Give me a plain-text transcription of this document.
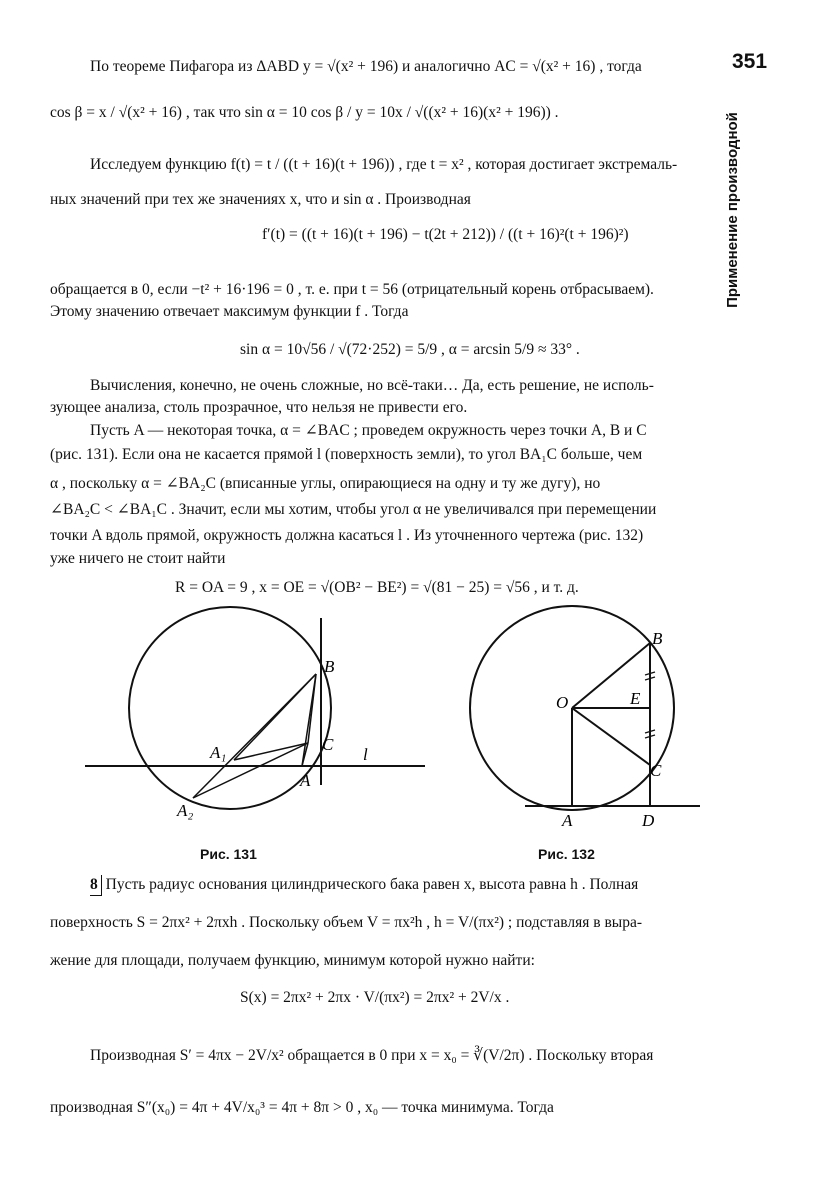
351
Применение производной
По теореме Пифагора из ΔABD y = √(x² + 196) и аналогично AC = √(x² + 16) , тогда
cos β = x / √(x² + 16) , так что sin α = 10 cos β / y = 10x / √((x² + 16)(x² + 196)) .
Исследуем функцию f(t) = t / ((t + 16)(t + 196)) , где t = x² , которая достигает экстремаль-
ных значений при тех же значениях x, что и sin α . Производная
f′(t) = ((t + 16)(t + 196) − t(2t + 212)) / ((t + 16)²(t + 196)²)
обращается в 0, если −t² + 16·196 = 0 , т. е. при t = 56 (отрицательный корень отбрасываем).
Этому значению отвечает максимум функции f . Тогда
sin α = 10√56 / √(72·252) = 5/9 , α = arcsin 5/9 ≈ 33° .
Вычисления, конечно, не очень сложные, но всё-таки… Да, есть решение, не исполь-
зующее анализа, столь прозрачное, что нельзя не привести его.
Пусть A — некоторая точка, α = ∠BAC ; проведем окружность через точки A, B и C
(рис. 131). Если она не касается прямой l (поверхность земли), то угол BA₁C больше, чем
α , поскольку α = ∠BA₂C (вписанные углы, опирающиеся на одну и ту же дугу), но
∠BA₂C < ∠BA₁C . Значит, если мы хотим, чтобы угол α не увеличивался при перемещении
точки A вдоль прямой, окружность должна касаться l . Из уточненного чертежа (рис. 132)
уже ничего не стоит найти
R = OA = 9 , x = OE = √(OB² − BE²) = √(81 − 25) = √56 , и т. д.
B
C
A
A₁
A₂
l
Рис. 131
B
O	E
C
A	D
Рис. 132
8 Пусть радиус основания цилиндрического бака равен x, высота равна h . Полная
поверхность S = 2πx² + 2πxh . Поскольку объем V = πx²h , h = V/(πx²) ; подставляя в выра-
жение для площади, получаем функцию, минимум которой нужно найти:
S(x) = 2πx² + 2πx · V/(πx²) = 2πx² + 2V/x .
Производная S′ = 4πx − 2V/x² обращается в 0 при x = x₀ = ∛(V/2π) . Поскольку вторая
производная S″(x₀) = 4π + 4V/x₀³ = 4π + 8π > 0 , x₀ — точка минимума. Тогда
